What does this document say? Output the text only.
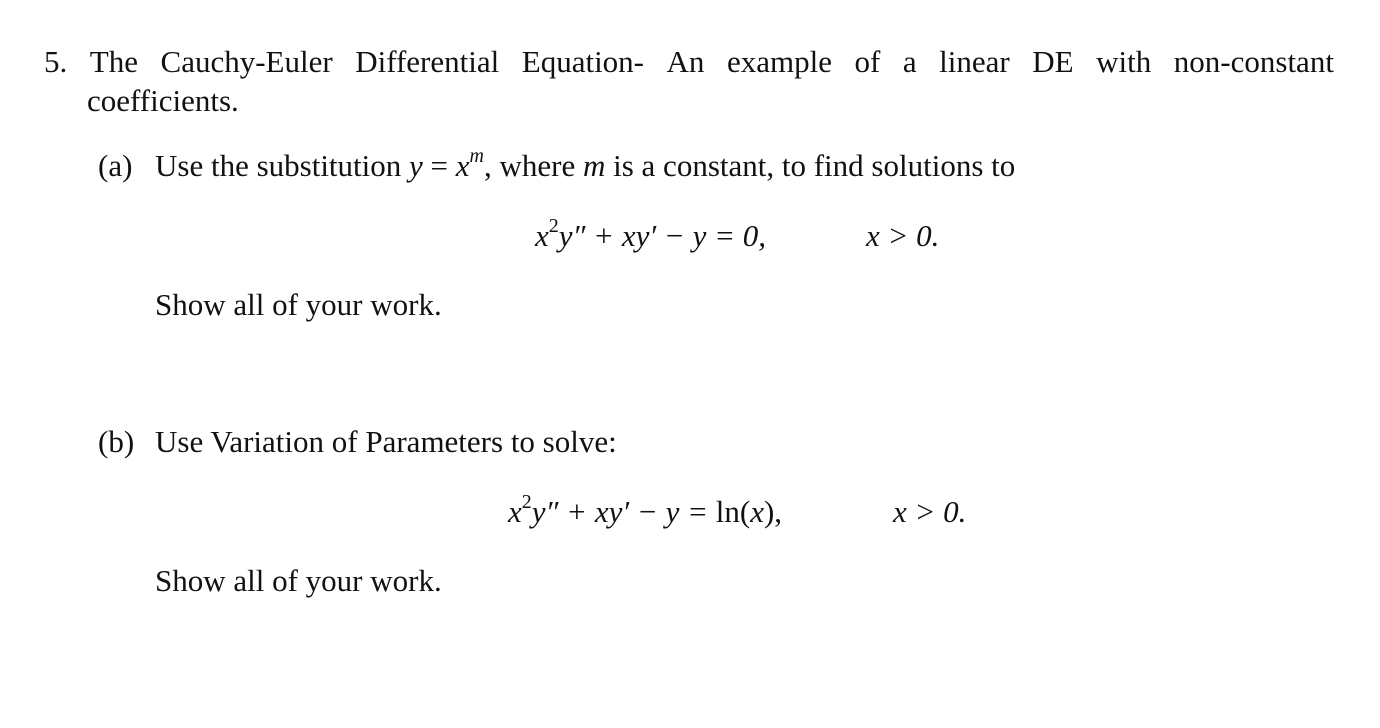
5. The Cauchy-Euler Differential Equation- An example of a linear DE with non-constant
coefficients.
(a) Use the substitution $y = x^m$, where m is a constant, to find solutions to
$x^2y'' + xy' - y = 0$,	x > 0.
Show all of your work.
(b) Use Variation of Parameters to solve:
$x^2y'' + xy' - y = \ln(x)$,	x > 0.
Show all of your work.
